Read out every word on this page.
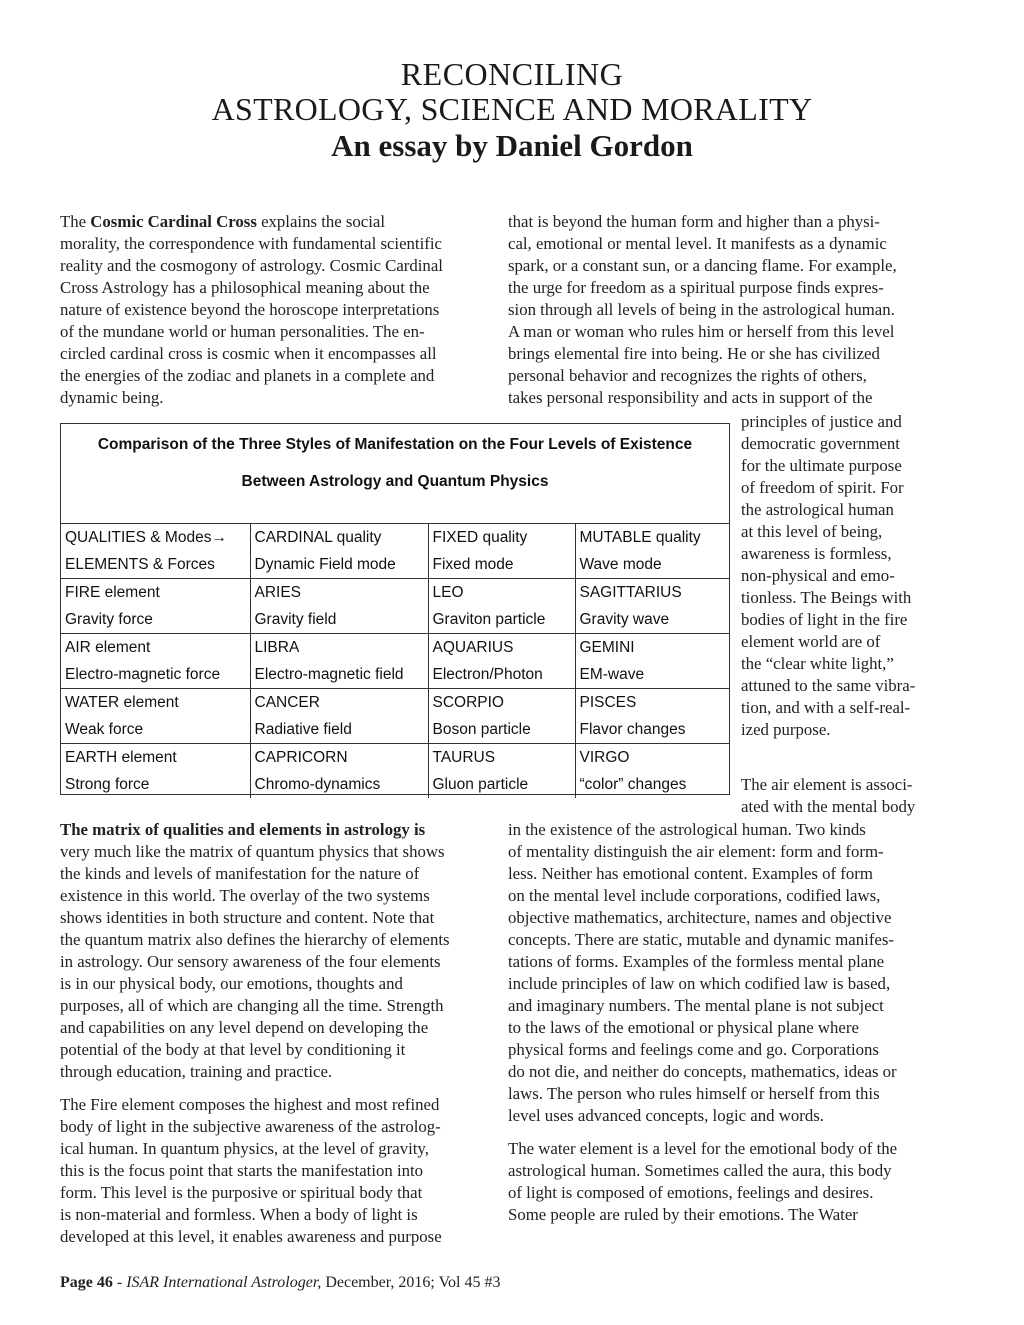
RECONCILING
ASTROLOGY, SCIENCE AND MORALITY
An essay by Daniel Gordon
The Cosmic Cardinal Cross explains the social
morality, the correspondence with fundamental scientific
reality and the cosmogony of astrology. Cosmic Cardinal
Cross Astrology has a philosophical meaning about the
nature of existence beyond the horoscope interpretations
of the mundane world or human personalities. The en-
circled cardinal cross is cosmic when it encompasses all
the energies of the zodiac and planets in a complete and
dynamic being.
that is beyond the human form and higher than a physi-
cal, emotional or mental level. It manifests as a dynamic
spark, or a constant sun, or a dancing flame. For example,
the urge for freedom as a spiritual purpose finds expres-
sion through all levels of being in the astrological human.
A man or woman who rules him or herself from this level
brings elemental fire into being. He or she has civilized
personal behavior and recognizes the rights of others,
takes personal responsibility and acts in support of the
principles of justice and
democratic government
for the ultimate purpose
of freedom of spirit. For
the astrological human
at this level of being,
awareness is formless,
non-physical and emo-
tionless. The Beings with
bodies of light in the fire
element world are of
the “clear white light,”
attuned to the same vibra-
tion, and with a self-real-
ized purpose.
The air element is associ-
ated with the mental body
Comparison of the Three Styles of Manifestation on the Four Levels of Existence
Between Astrology and Quantum Physics
QUALITIES & Modes→	CARDINAL quality	FIXED quality	MUTABLE quality
ELEMENTS & Forces	Dynamic Field mode	Fixed mode	Wave mode
FIRE element	ARIES	LEO	SAGITTARIUS
Gravity force	Gravity field	Graviton particle	Gravity wave
AIR element	LIBRA	AQUARIUS	GEMINI
Electro-magnetic force	Electro-magnetic field	Electron/Photon	EM-wave
WATER element	CANCER	SCORPIO	PISCES
Weak force	Radiative field	Boson particle	Flavor changes
EARTH element	CAPRICORN	TAURUS	VIRGO
Strong force	Chromo-dynamics	Gluon particle	“color” changes
The matrix of qualities and elements in astrology is
very much like the matrix of quantum physics that shows
the kinds and levels of manifestation for the nature of
existence in this world. The overlay of the two systems
shows identities in both structure and content. Note that
the quantum matrix also defines the hierarchy of elements
in astrology. Our sensory awareness of the four elements
is in our physical body, our emotions, thoughts and
purposes, all of which are changing all the time. Strength
and capabilities on any level depend on developing the
potential of the body at that level by conditioning it
through education, training and practice.
The Fire element composes the highest and most refined
body of light in the subjective awareness of the astrolog-
ical human. In quantum physics, at the level of gravity,
this is the focus point that starts the manifestation into
form. This level is the purposive or spiritual body that
is non-material and formless. When a body of light is
developed at this level, it enables awareness and purpose
in the existence of the astrological human. Two kinds
of mentality distinguish the air element: form and form-
less. Neither has emotional content. Examples of form
on the mental level include corporations, codified laws,
objective mathematics, architecture, names and objective
concepts. There are static, mutable and dynamic manifes-
tations of forms. Examples of the formless mental plane
include principles of law on which codified law is based,
and imaginary numbers. The mental plane is not subject
to the laws of the emotional or physical plane where
physical forms and feelings come and go. Corporations
do not die, and neither do concepts, mathematics, ideas or
laws. The person who rules himself or herself from this
level uses advanced concepts, logic and words.
The water element is a level for the emotional body of the
astrological human. Sometimes called the aura, this body
of light is composed of emotions, feelings and desires.
Some people are ruled by their emotions. The Water
Page 46 - ISAR International Astrologer, December, 2016; Vol 45 #3
